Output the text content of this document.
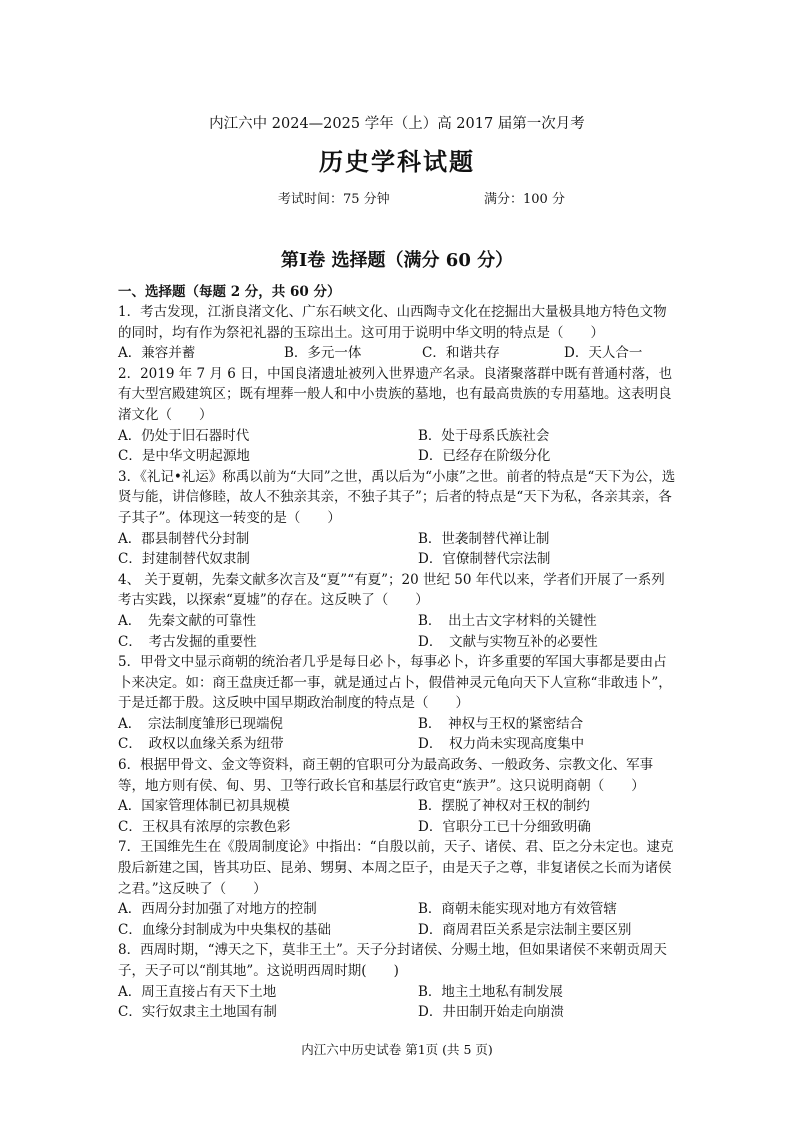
内江六中 2024—2025 学年（上）高 2017 届第一次月考
历史学科试题
考试时间：75 分钟	满分：100 分
第Ⅰ卷 选择题（满分 60 分）
一、选择题（每题 2 分，共 60 分）

1．考古发现，江浙良渚文化、广东石峡文化、山西陶寺文化在挖掘出大量极具地方特色文物的同时，均有作为祭祀礼器的玉琮出土。这可用于说明中华文明的特点是（　　）

A．兼容并蓄	B．多元一体	C．和谐共存	D．天人合一

2．2019 年 7 月 6 日，中国良渚遗址被列入世界遗产名录。良渚聚落群中既有普通村落，也有大型宫殿建筑区；既有埋葬一般人和中小贵族的墓地，也有最高贵族的专用墓地。这表明良渚文化（　　）

A．仍处于旧石器时代	B．处于母系氏族社会
C．是中华文明起源地	D．已经存在阶级分化

3．《礼记•礼运》称禹以前为“大同”之世，禹以后为“小康”之世。前者的特点是“天下为公，选贤与能，讲信修睦，故人不独亲其亲，不独子其子”；后者的特点是“天下为私，各亲其亲，各子其子”。体现这一转变的是（　　）

A．郡县制替代分封制	B．世袭制替代禅让制
C．封建制替代奴隶制	D．官僚制替代宗法制

4、 关于夏朝，先秦文献多次言及“夏”“有夏”；20 世纪 50 年代以来，学者们开展了一系列考古实践，以探索“夏墟”的存在。这反映了（　　）

A．　先秦文献的可靠性	B．　出土古文字材料的关键性
C．　考古发掘的重要性	D．　文献与实物互补的必要性

5．甲骨文中显示商朝的统治者几乎是每日必卜，每事必卜，许多重要的军国大事都是要由占卜来决定。如：商王盘庚迁都一事，就是通过占卜，假借神灵元龟向天下人宣称“非敢违卜”，于是迁都于殷。这反映中国早期政治制度的特点是（　　）

A．　宗法制度雏形已现端倪	B．　神权与王权的紧密结合
C．　政权以血缘关系为纽带	D．　权力尚未实现高度集中

6．根据甲骨文、金文等资料，商王朝的官职可分为最高政务、一般政务、宗教文化、军事等，地方则有侯、甸、男、卫等行政长官和基层行政官吏“族尹”。这只说明商朝（　　）

A．国家管理体制已初具规模	B．摆脱了神权对王权的制约
C．王权具有浓厚的宗教色彩	D．官职分工已十分细致明确

7．王国维先生在《殷周制度论》中指出：“自殷以前，天子、诸侯、君、臣之分未定也。逮克殷后新建之国，皆其功臣、昆弟、甥舅、本周之臣子，由是天子之尊，非复诸侯之长而为诸侯之君。”这反映了（　　）

A．西周分封加强了对地方的控制	B．商朝未能实现对地方有效管辖
C．血缘分封制成为中央集权的基础	D．商周君臣关系是宗法制主要区别

8．西周时期，“溥天之下，莫非王土”。天子分封诸侯、分赐土地，但如果诸侯不来朝贡周天子，天子可以“削其地”。这说明西周时期(　　)

A．周王直接占有天下土地	B．地主土地私有制发展
C．实行奴隶主土地国有制	D．井田制开始走向崩溃
内江六中历史试卷 第1页 (共 5 页)
